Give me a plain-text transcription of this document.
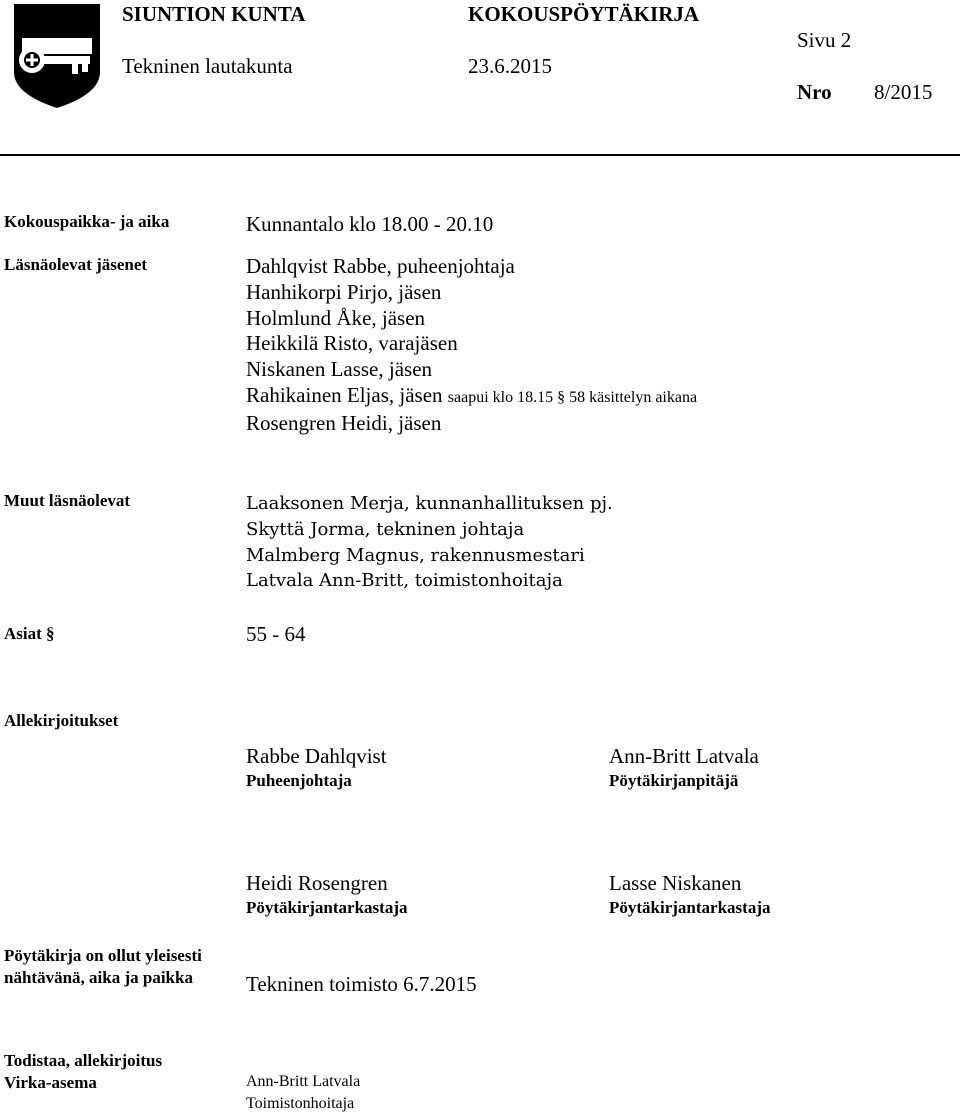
SIUNTION KUNTA	KOKOUSPÖYTÄKIRJA
Tekninen lautakunta	23.6.2015
Sivu 2
Nro 8/2015
Kokouspaikka- ja aika	Kunnantalo klo 18.00 - 20.10
Läsnäolevat jäsenet	Dahlqvist Rabbe, puheenjohtaja
Hanhikorpi Pirjo, jäsen
Holmlund Åke, jäsen
Heikkilä Risto, varajäsen
Niskanen Lasse, jäsen
Rahikainen Eljas, jäsen saapui klo 18.15 § 58 käsittelyn aikana
Rosengren Heidi, jäsen
Muut läsnäolevat	Laaksonen Merja, kunnanhallituksen pj.
Skyttä Jorma, tekninen johtaja
Malmberg Magnus, rakennusmestari
Latvala Ann-Britt, toimistonhoitaja
Asiat §	55 - 64
Allekirjoitukset
Rabbe Dahlqvist
Puheenjohtaja
Ann-Britt Latvala
Pöytäkirjanpitäjä
Heidi Rosengren
Pöytäkirjantarkastaja
Lasse Niskanen
Pöytäkirjantarkastaja
Pöytäkirja on ollut yleisesti
nähtävänä, aika ja paikka	Tekninen toimisto 6.7.2015
Todistaa, allekirjoitus
Virka-asema	Ann-Britt Latvala
Toimistonhoitaja
